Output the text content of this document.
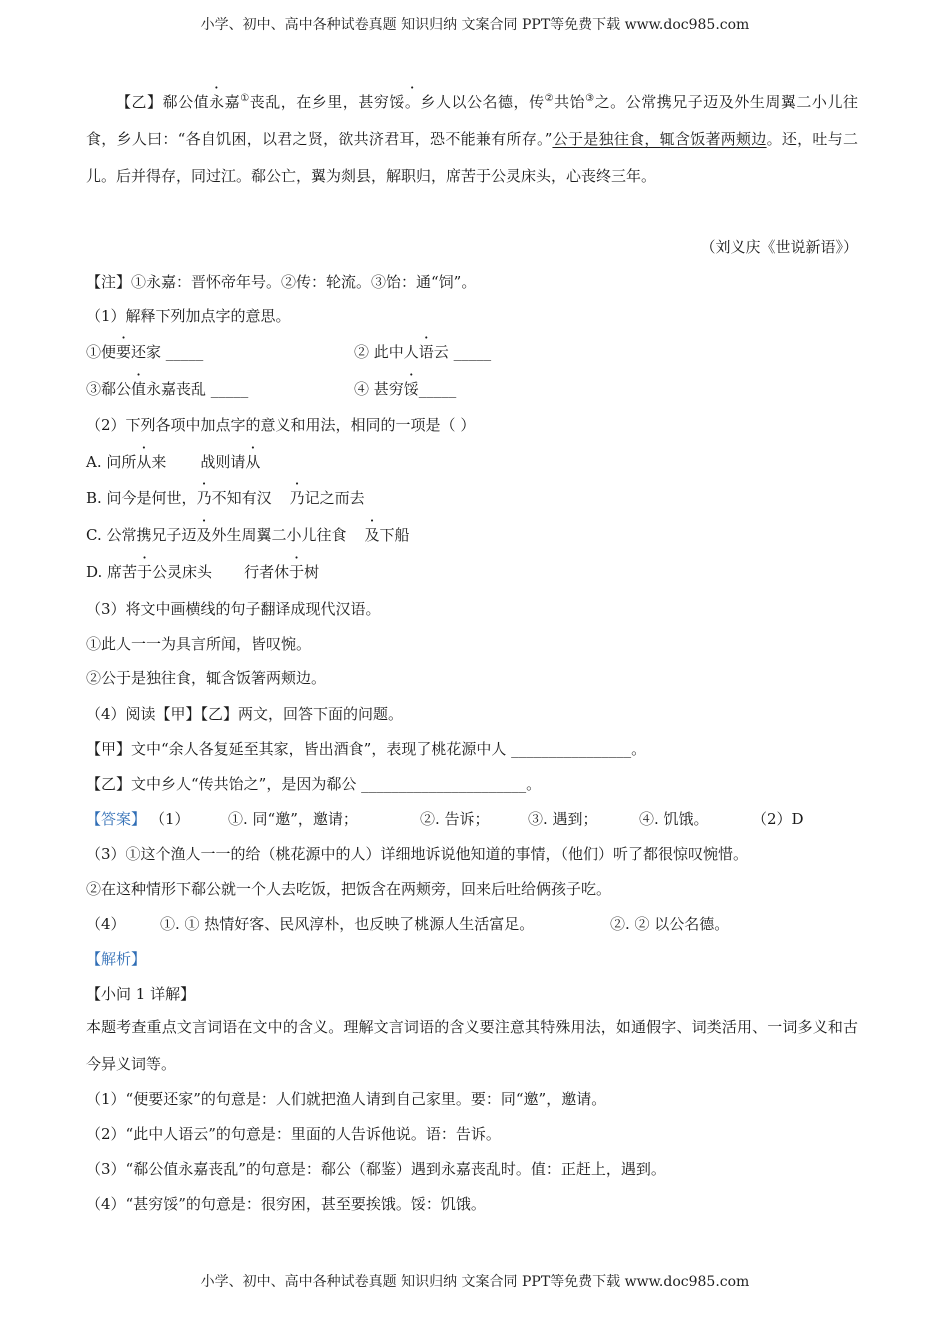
小学、初中、高中各种试卷真题 知识归纳 文案合同 PPT等免费下载 www.doc985.com
【乙】郗公值永嘉①丧乱，在乡里，甚穷馁。乡人以公名德，传②共饴③之。公常携兄子迈及外生周翼二小儿往食，乡人曰：“各自饥困，以君之贤，欲共济君耳，恐不能兼有所存。”公于是独往食，辄含饭著两颊边。还，吐与二儿。后并得存，同过江。郗公亡，翼为剡县，解职归，席苦于公灵床头，心丧终三年。
（刘义庆《世说新语》）
【注】①永嘉：晋怀帝年号。②传：轮流。③饴：通“饲”。
（1）解释下列加点字的意思。
①便要还家 _____	② 此中人语云 _____
③郗公值永嘉丧乱 _____	④ 甚穷馁_____
（2）下列各项中加点字的意义和用法，相同的一项是（ ）
A. 问所从来 战则请从
B. 问今是何世，乃不知有汉 乃记之而去
C. 公常携兄子迈及外生周翼二小儿往食 及下船
D. 席苦于公灵床头 行者休于树
（3）将文中画横线的句子翻译成现代汉语。
①此人一一为具言所闻，皆叹惋。
②公于是独往食，辄含饭箸两颊边。
（4）阅读【甲】【乙】两文，回答下面的问题。
【甲】文中“余人各复延至其家，皆出酒食”，表现了桃花源中人 ________________。
【乙】文中乡人“传共饴之”，是因为郗公 ______________________。
【答案】 （1）	①. 同“邀”，邀请；	②. 告诉；	③. 遇到；	④. 饥饿。	（2）D
（3）①这个渔人一一的给（桃花源中的人）详细地诉说他知道的事情，（他们）听了都很惊叹惋惜。
②在这种情形下郗公就一个人去吃饭，把饭含在两颊旁，回来后吐给俩孩子吃。
（4） ①. ① 热情好客、民风淳朴，也反映了桃源人生活富足。	②. ② 以公名德。
【解析】
【小问 1 详解】
本题考查重点文言词语在文中的含义。理解文言词语的含义要注意其特殊用法，如通假字、词类活用、一词多义和古今异义词等。
（1）“便要还家”的句意是：人们就把渔人请到自己家里。要：同“邀”，邀请。
（2）“此中人语云”的句意是：里面的人告诉他说。语：告诉。
（3）“郗公值永嘉丧乱”的句意是：郗公（郗鉴）遇到永嘉丧乱时。值：正赶上，遇到。
（4）“甚穷馁”的句意是：很穷困，甚至要挨饿。馁：饥饿。
小学、初中、高中各种试卷真题 知识归纳 文案合同 PPT等免费下载 www.doc985.com
